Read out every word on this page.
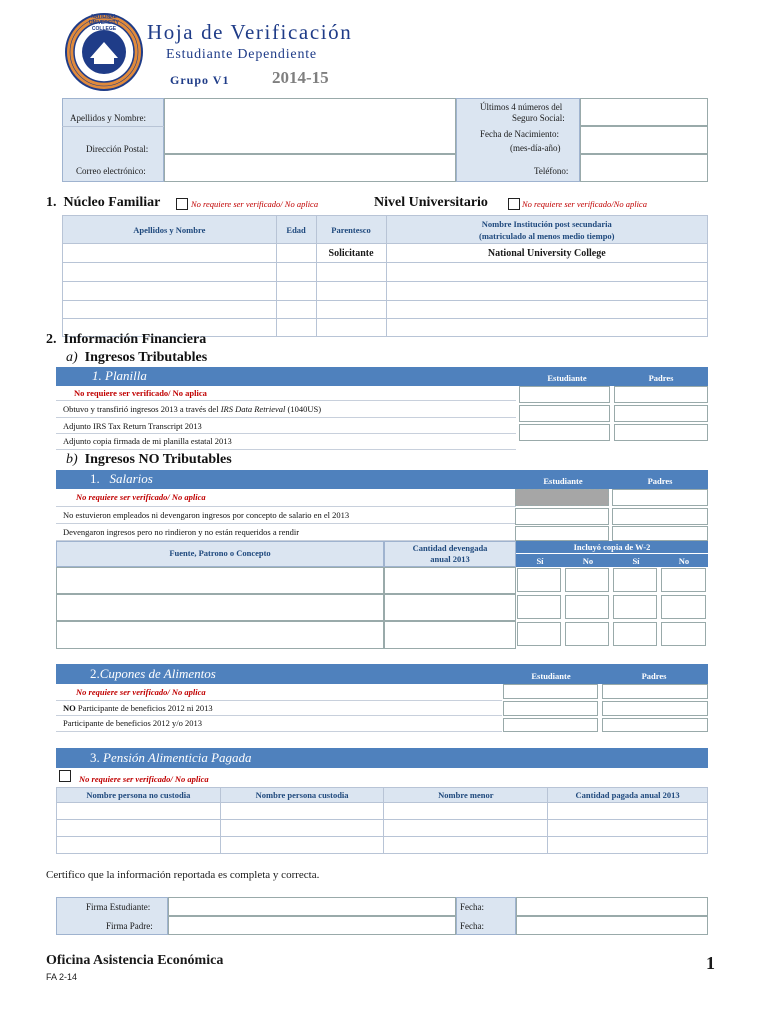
NATIONAL UNIVERSITY COLLEGE
1982
Hoja de Verificación
Estudiante Dependiente
Grupo V1	2014-15
Apellidos y Nombre:
Dirección Postal:
Correo electrónico:
Últimos 4 números del
Seguro Social:
Fecha de Nacimiento:
(mes-día-año)
Teléfono:
1. Núcleo Familiar	No requiere ser verificado/ No aplica	Nivel Universitario	No requiere ser verificado/No aplica
Apellidos y Nombre	Edad	Parentesco	Nombre Institución post secundaria
(matriculado al menos medio tiempo)
		Solicitante	National University College

2. Información Financiera
a) Ingresos Tributables
1. Planilla	Estudiante	Padres
No requiere ser verificado/ No aplica
Obtuvo y transfirió ingresos 2013 a través del IRS Data Retrieval (1040US)
Adjunto IRS Tax Return Transcript 2013
Adjunto copia firmada de mi planilla estatal 2013
b) Ingresos NO Tributables
1. Salarios	Estudiante	Padres
No requiere ser verificado/ No aplica
No estuvieron empleados ni devengaron ingresos por concepto de salario en el 2013
Devengaron ingresos pero no rindieron y no están requeridos a rendir
Fuente, Patrono o Concepto	Cantidad devengada
anual 2013
Incluyó copia de W-2
Sí	No	Sí	No
2.Cupones de Alimentos	Estudiante	Padres
No requiere ser verificado/ No aplica
NO Participante de beneficios 2012 ni 2013
Participante de beneficios 2012 y/o 2013
3. Pensión Alimenticia Pagada
No requiere ser verificado/ No aplica
Nombre persona no custodia	Nombre persona custodia	Nombre menor	Cantidad pagada anual 2013

Certifico que la información reportada es completa y correcta.
Firma Estudiante:
Firma Padre:
Fecha:
Fecha:
Oficina Asistencia Económica
FA 2-14
1
